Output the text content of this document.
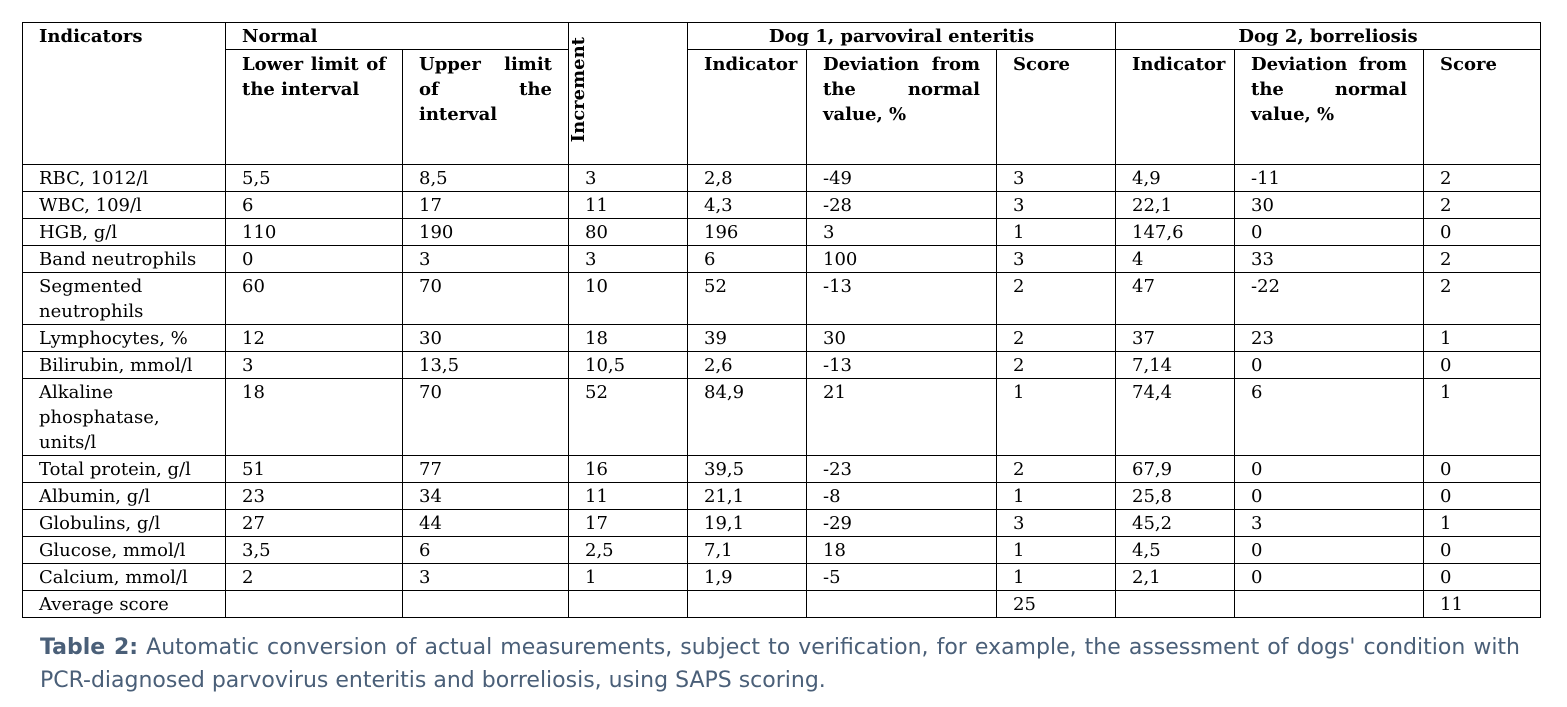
Indicators	Normal		Increment	Dog 1, parvoviral enteritis			Dog 2, borreliosis		
	Lower limit of the interval	Upper limit of the interval		Indicator	Deviation from the normal value, %	Score	Indicator	Deviation from the normal value, %	Score
RBC, 1012/l	5,5	8,5	3	2,8	-49	3	4,9	-11	2
WBC, 109/l	6	17	11	4,3	-28	3	22,1	30	2
HGB, g/l	110	190	80	196	3	1	147,6	0	0
Band neutrophils	0	3	3	6	100	3	4	33	2
Segmented neutrophils	60	70	10	52	-13	2	47	-22	2
Lymphocytes, %	12	30	18	39	30	2	37	23	1
Bilirubin, mmol/l	3	13,5	10,5	2,6	-13	2	7,14	0	0
Alkaline phosphatase, units/l	18	70	52	84,9	21	1	74,4	6	1
Total protein, g/l	51	77	16	39,5	-23	2	67,9	0	0
Albumin, g/l	23	34	11	21,1	-8	1	25,8	0	0
Globulins, g/l	27	44	17	19,1	-29	3	45,2	3	1
Glucose, mmol/l	3,5	6	2,5	7,1	18	1	4,5	0	0
Calcium, mmol/l	2	3	1	1,9	-5	1	2,1	0	0
Average score						25			11
Table 2: Automatic conversion of actual measurements, subject to verification, for example, the assessment of dogs' condition with PCR-diagnosed parvovirus enteritis and borreliosis, using SAPS scoring.
